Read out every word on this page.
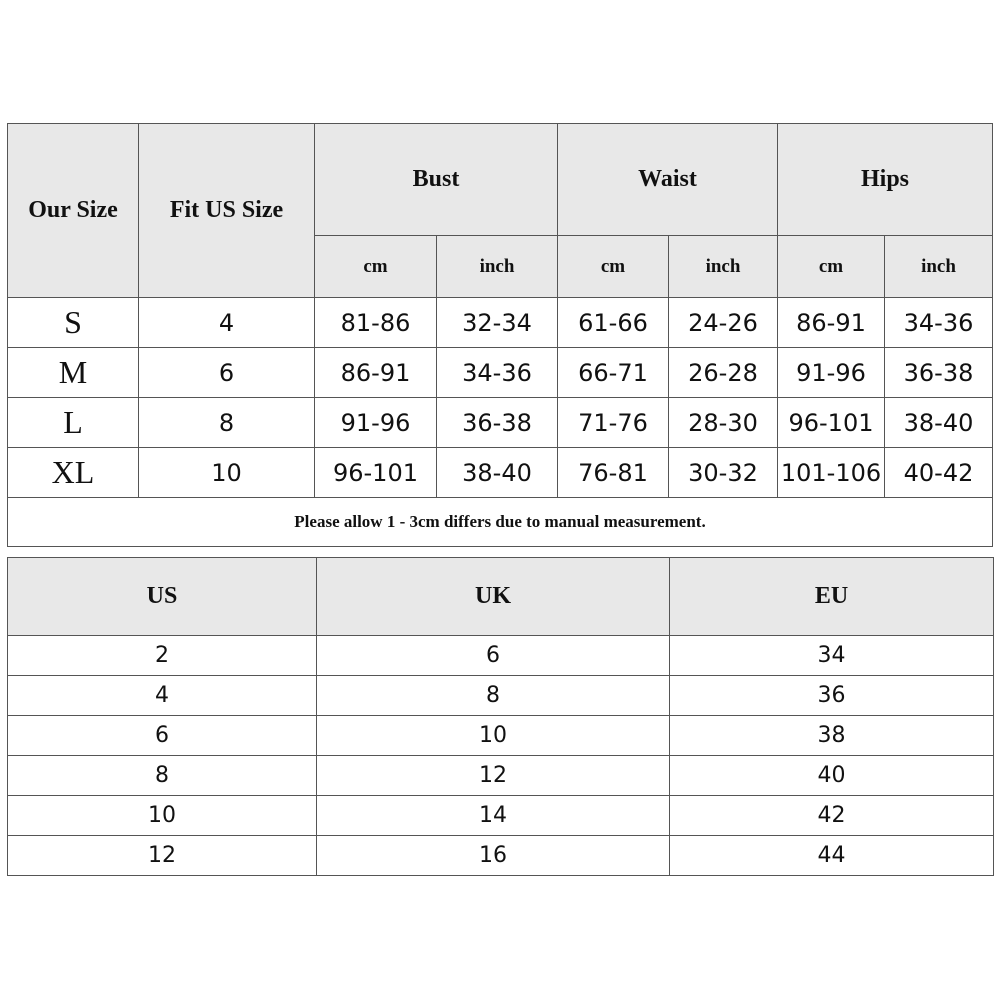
Our Size	Fit US Size	Bust		Waist		Hips	
		cm	inch	cm	inch	cm	inch
S	4	81-86	32-34	61-66	24-26	86-91	34-36
M	6	86-91	34-36	66-71	26-28	91-96	36-38
L	8	91-96	36-38	71-76	28-30	96-101	38-40
XL	10	96-101	38-40	76-81	30-32	101-106	40-42
Please allow 1 - 3cm differs due to manual measurement.							
US	UK	EU
2	6	34
4	8	36
6	10	38
8	12	40
10	14	42
12	16	44
